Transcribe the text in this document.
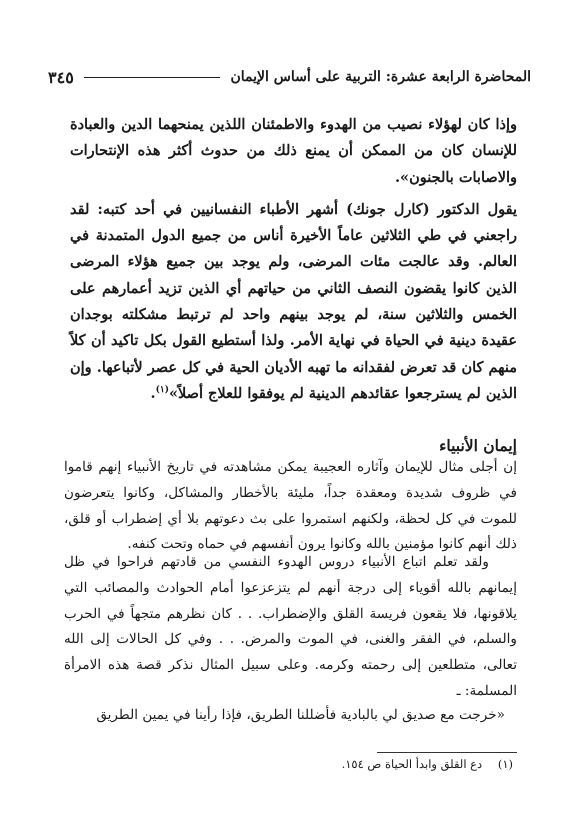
المحاضرة الرابعة عشرة: التربية على أساس الإيمان
٣٤٥

وإذا كان لهؤلاء نصيب من الهدوء والاطمئنان اللذين يمنحهما الدين والعبادة للإنسان كان من الممكن أن يمنع ذلك من حدوث أكثر هذه الإنتحارات والاصابات بالجنون».

يقول الدكتور (كارل جونك) أشهر الأطباء النفسانيين في أحد كتبه: لقد راجعني في طي الثلاثين عاماً الأخيرة أناس من جميع الدول المتمدنة في العالم. وقد عالجت مئات المرضى، ولم يوجد بين جميع هؤلاء المرضى الذين كانوا يقضون النصف الثاني من حياتهم أي الذين تزيد أعمارهم على الخمس والثلاثين سنة، لم يوجد بينهم واحد لم ترتبط مشكلته بوجدان عقيدة دينية في الحياة في نهاية الأمر. ولذا أستطيع القول بكل تاكيد أن كلاً منهم كان قد تعرض لفقدانه ما تهبه الأديان الحية في كل عصر لأتباعها. وإن الذين لم يسترجعوا عقائدهم الدينية لم يوفقوا للعلاج أصلاً»$^{(١)}$.

إيمان الأنبياء

إن أجلى مثال للإيمان وآثاره العجيبة يمكن مشاهدته في تاريخ الأنبياء إنهم قاموا في ظروف شديدة ومعقدة جداً، مليئة بالأخطار والمشاكل، وكانوا يتعرضون للموت في كل لحظة، ولكنهم استمروا على بث دعوتهم بلا أي إضطراب أو قلق، ذلك أنهم كانوا مؤمنين بالله وكانوا يرون أنفسهم في حماه وتحت كنفه.

ولقد تعلم اتباع الأنبياء دروس الهدوء النفسي من قادتهم فراحوا في ظل إيمانهم بالله أقوياء إلى درجة أنهم لم يتزعزعوا أمام الحوادث والمصائب التي يلاقونها، فلا يقعون فريسة القلق والإضطراب. . . كان نظرهم متجهاً في الحرب والسلم، في الفقر والغنى، في الموت والمرض. . . وفي كل الحالات إلى الله تعالى، متطلعين إلى رحمته وكرمه. وعلى سبيل المثال نذكر قصة هذه الامرأة المسلمة: ـ

«خرجت مع صديق لي بالبادية فأضللنا الطريق، فإذا رأينا في يمين الطريق

(١) دع القلق وابدأ الحياة ص ١٥٤.
